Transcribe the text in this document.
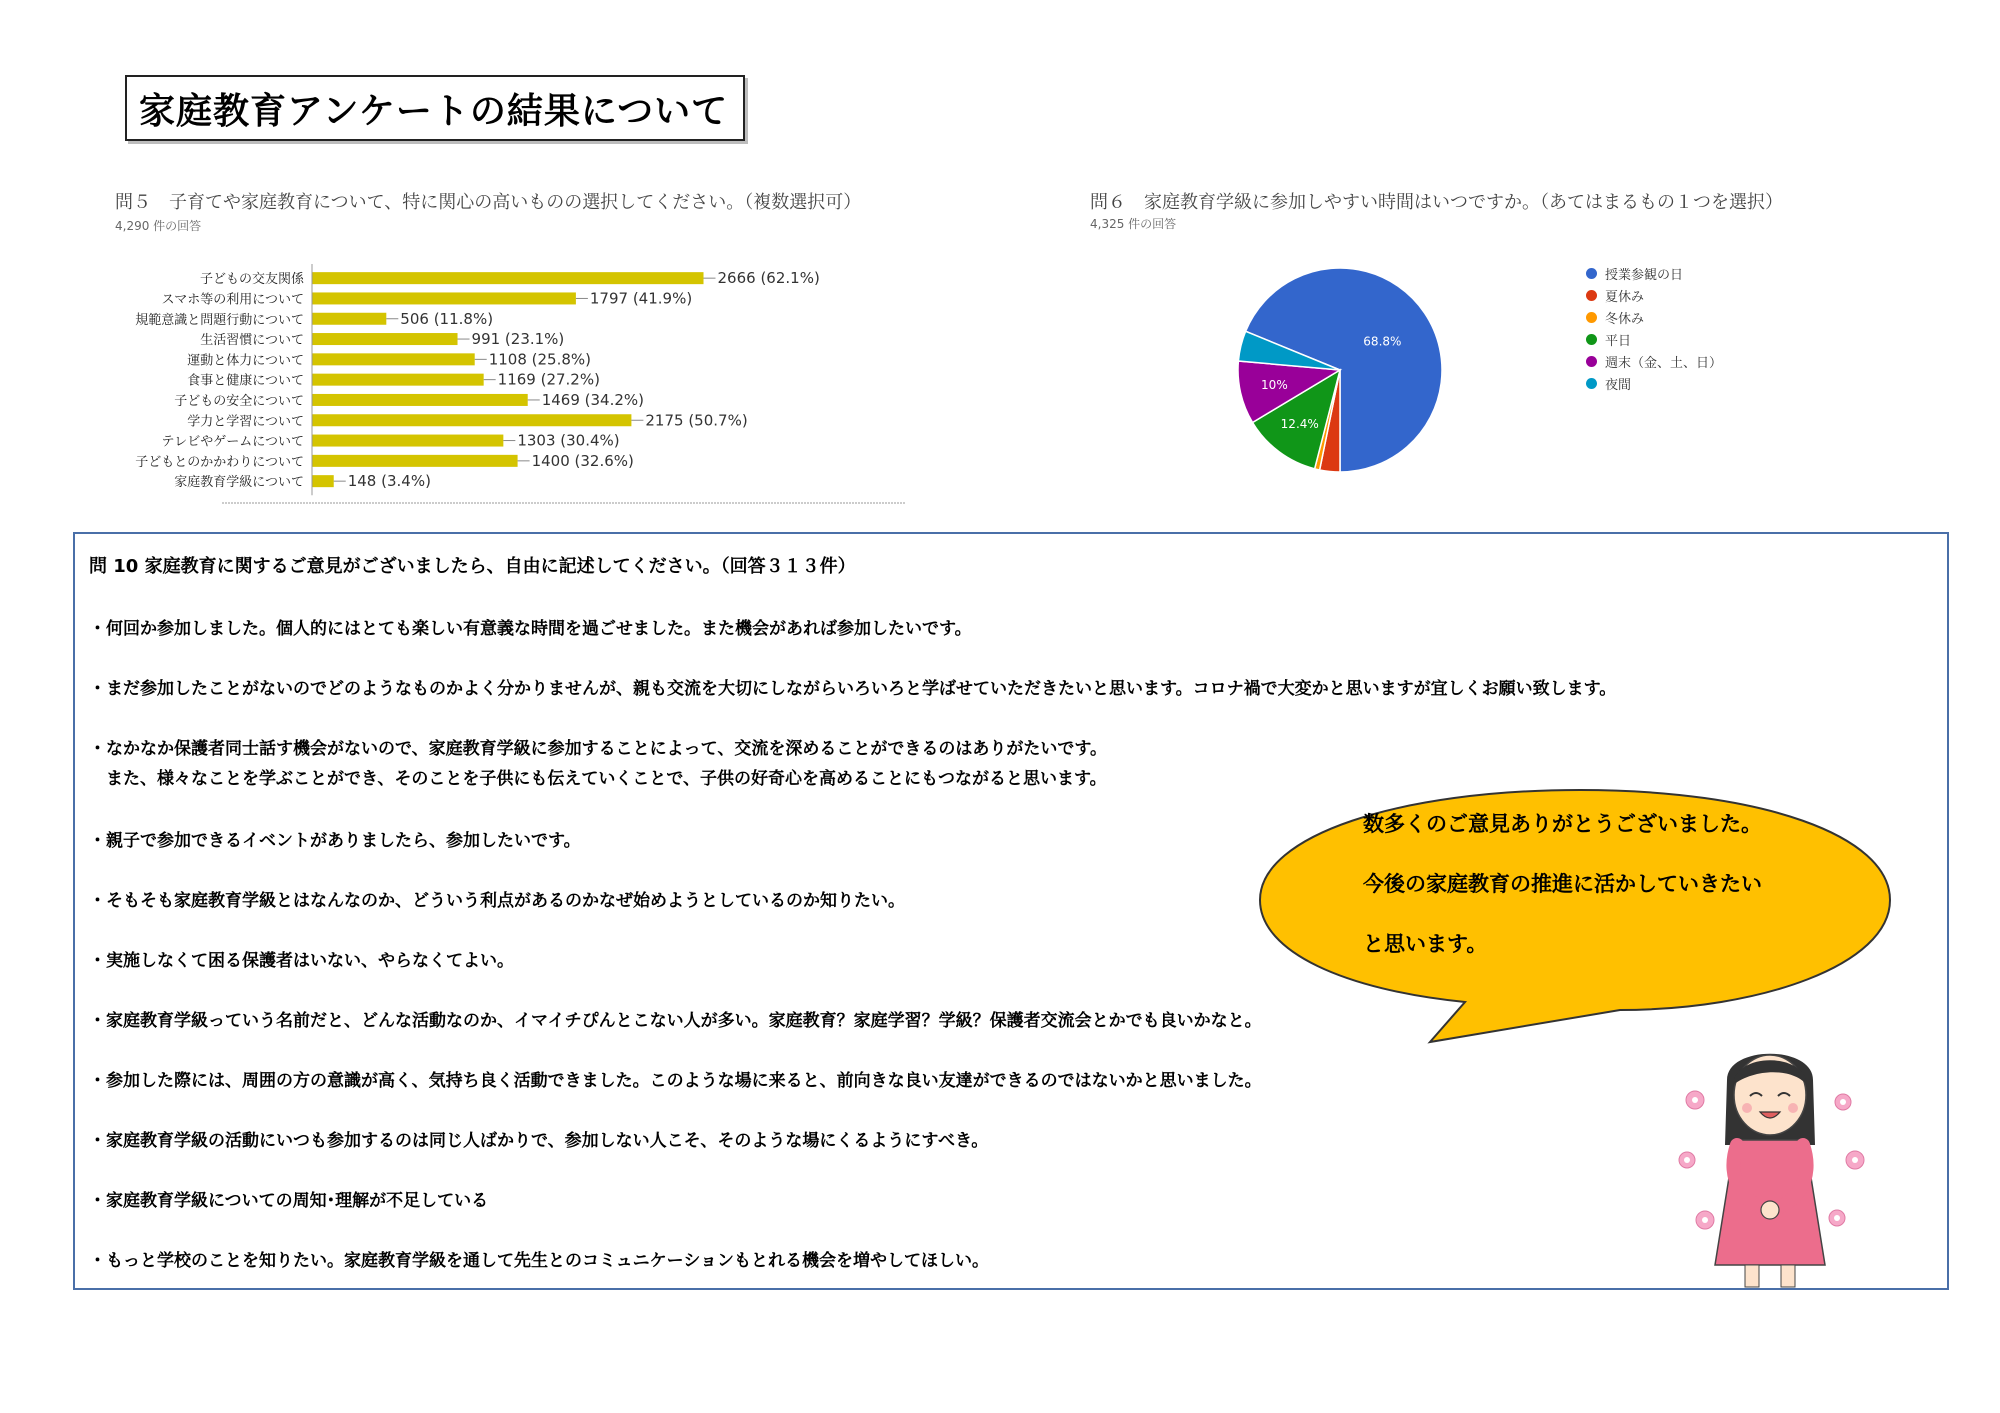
家庭教育アンケートの結果について
問５　子育てや家庭教育について、特に関心の高いものの選択してください。（複数選択可）
4,290 件の回答
子どもの交友関係	2666 (62.1%)
スマホ等の利用について	1797 (41.9%)
規範意識と問題行動について	506 (11.8%)
生活習慣について	991 (23.1%)
運動と体力について	1108 (25.8%)
食事と健康について	1169 (27.2%)
子どもの安全について	1469 (34.2%)
学力と学習について	2175 (50.7%)
テレビやゲームについて	1303 (30.4%)
子どもとのかかわりについて	1400 (32.6%)
家庭教育学級について	148 (3.4%)
問６　家庭教育学級に参加しやすい時間はいつですか。（あてはまるもの１つを選択）
4,325 件の回答
68.8%
12.4%
10%
授業参観の日
夏休み
冬休み
平日
週末（金、土、日）
夜間
問 10 家庭教育に関するご意見がございましたら、自由に記述してください。（回答３１３件）
・何回か参加しました。個人的にはとても楽しい有意義な時間を過ごせました。また機会があれば参加したいです。
・まだ参加したことがないのでどのようなものかよく分かりませんが、親も交流を大切にしながらいろいろと学ばせていただきたいと思います。コロナ禍で大変かと思いますが宜しくお願い致します。
・なかなか保護者同士話す機会がないので、家庭教育学級に参加することによって、交流を深めることができるのはありがたいです。
　また、様々なことを学ぶことができ、そのことを子供にも伝えていくことで、子供の好奇心を高めることにもつながると思います。
・親子で参加できるイベントがありましたら、参加したいです。
・そもそも家庭教育学級とはなんなのか、どういう利点があるのかなぜ始めようとしているのか知りたい。
・実施しなくて困る保護者はいない、やらなくてよい。
・家庭教育学級っていう名前だと、どんな活動なのか、イマイチぴんとこない人が多い。家庭教育？家庭学習？学級？保護者交流会とかでも良いかなと。
・参加した際には、周囲の方の意識が高く、気持ち良く活動できました。このような場に来ると、前向きな良い友達ができるのではないかと思いました。
・家庭教育学級の活動にいつも参加するのは同じ人ばかりで、参加しない人こそ、そのような場にくるようにすべき。
・家庭教育学級についての周知･理解が不足している
・もっと学校のことを知りたい。家庭教育学級を通して先生とのコミュニケーションもとれる機会を増やしてほしい。
数多くのご意見ありがとうございました。
今後の家庭教育の推進に活かしていきたい
と思います。
